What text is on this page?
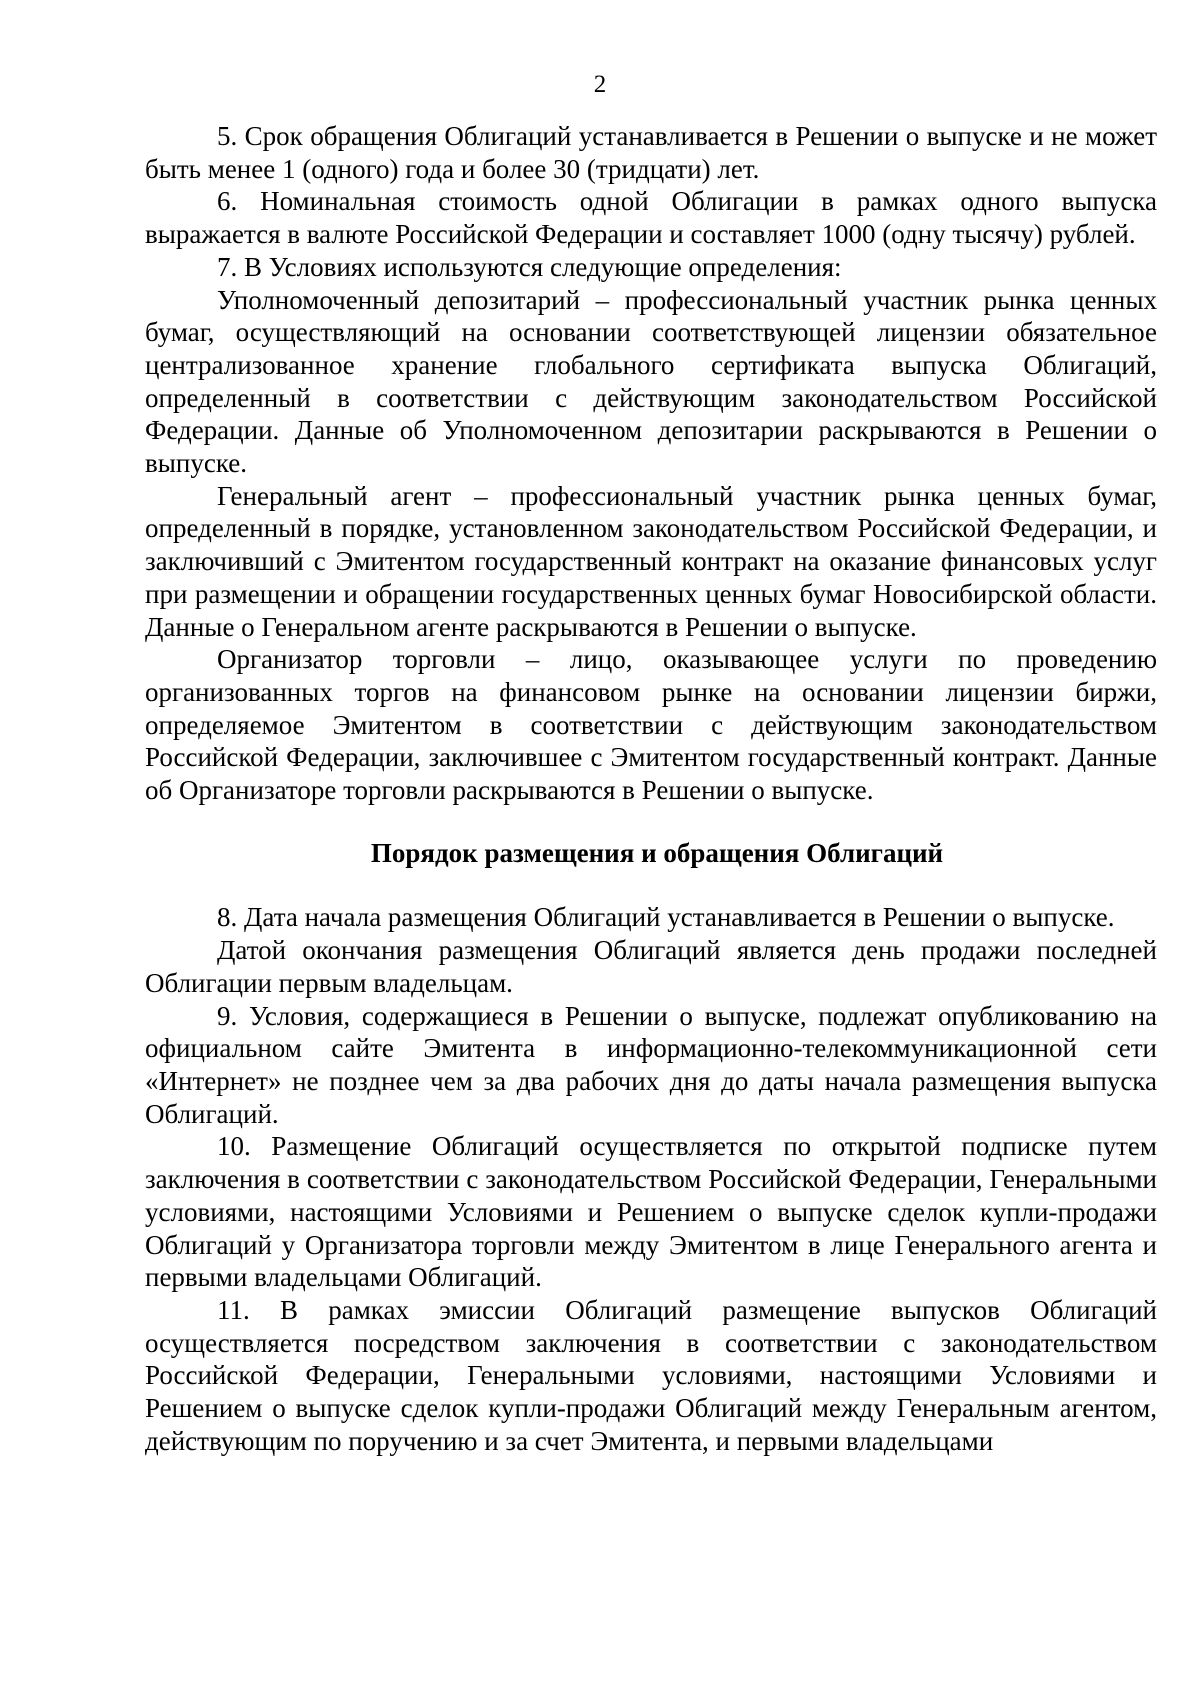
2

5. Срок обращения Облигаций устанавливается в Решении о выпуске и не может быть менее 1 (одного) года и более 30 (тридцати) лет.

6. Номинальная стоимость одной Облигации в рамках одного выпуска выражается в валюте Российской Федерации и составляет 1000 (одну тысячу) рублей.

7. В Условиях используются следующие определения:

Уполномоченный депозитарий – профессиональный участник рынка ценных бумаг, осуществляющий на основании соответствующей лицензии обязательное централизованное хранение глобального сертификата выпуска Облигаций, определенный в соответствии с действующим законодательством Российской Федерации. Данные об Уполномоченном депозитарии раскрываются в Решении о выпуске.

Генеральный агент – профессиональный участник рынка ценных бумаг, определенный в порядке, установленном законодательством Российской Федерации, и заключивший с Эмитентом государственный контракт на оказание финансовых услуг при размещении и обращении государственных ценных бумаг Новосибирской области. Данные о Генеральном агенте раскрываются в Решении о выпуске.

Организатор торговли – лицо, оказывающее услуги по проведению организованных торгов на финансовом рынке на основании лицензии биржи, определяемое Эмитентом в соответствии с действующим законодательством Российской Федерации, заключившее с Эмитентом государственный контракт. Данные об Организаторе торговли раскрываются в Решении о выпуске.

Порядок размещения и обращения Облигаций

8. Дата начала размещения Облигаций устанавливается в Решении о выпуске.

Датой окончания размещения Облигаций является день продажи последней Облигации первым владельцам.

9. Условия, содержащиеся в Решении о выпуске, подлежат опубликованию на официальном сайте Эмитента в информационно-телекоммуникационной сети «Интернет» не позднее чем за два рабочих дня до даты начала размещения выпуска Облигаций.

10. Размещение Облигаций осуществляется по открытой подписке путем заключения в соответствии с законодательством Российской Федерации, Генеральными условиями, настоящими Условиями и Решением о выпуске сделок купли-продажи Облигаций у Организатора торговли между Эмитентом в лице Генерального агента и первыми владельцами Облигаций.

11. В рамках эмиссии Облигаций размещение выпусков Облигаций осуществляется посредством заключения в соответствии с законодательством Российской Федерации, Генеральными условиями, настоящими Условиями и Решением о выпуске сделок купли-продажи Облигаций между Генеральным агентом, действующим по поручению и за счет Эмитента, и первыми владельцами
